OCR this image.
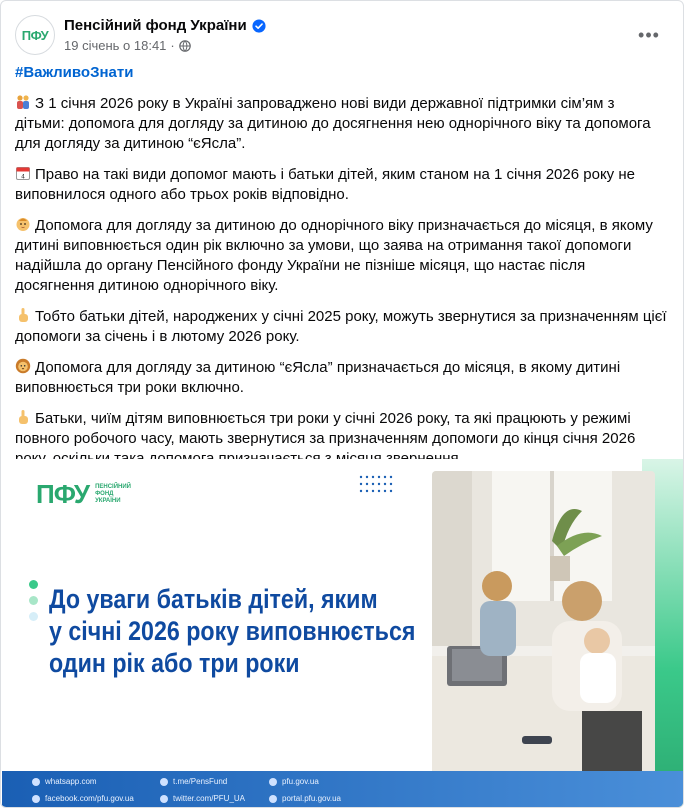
ПФУ
Пенсійний фонд України
19 січень о 18:41 ·
•••
#ВажливоЗнати
З 1 січня 2026 року в Україні запроваджено нові види державної підтримки сім’ям з дітьми: допомога для догляду за дитиною до досягнення нею однорічного віку та допомога для догляду за дитиною “єЯсла”.
4 Право на такі види допомог мають і батьки дітей, яким станом на 1 січня 2026 року не виповнилося одного або трьох років відповідно.
Допомога для догляду за дитиною до однорічного віку призначається до місяця, в якому дитині виповнюється один рік включно за умови, що заява на отримання такої допомоги надійшла до органу Пенсійного фонду України не пізніше місяця, що настає після досягнення дитиною однорічного віку.
Тобто батьки дітей, народжених у січні 2025 року, можуть звернутися за призначенням цієї допомоги за січень і в лютому 2026 року.
Допомога для догляду за дитиною “єЯсла” призначається до місяця, в якому дитині виповнюється три роки включно.
Батьки, чиїм дітям виповнюється три роки у січні 2026 року, та які працюють у режимі повного робочого часу, мають звернутися за призначенням допомоги до кінця січня 2026
ПФУ ПЕНСІЙНИЙ
ФОНД
УКРАЇНИ
До уваги батьків дітей, яким
у січні 2026 року виповнюється
один рік або три роки
whatsapp.com
facebook.com/pfu.gov.ua
t.me/PensFund
twitter.com/PFU_UA
pfu.gov.ua
portal.pfu.gov.ua
